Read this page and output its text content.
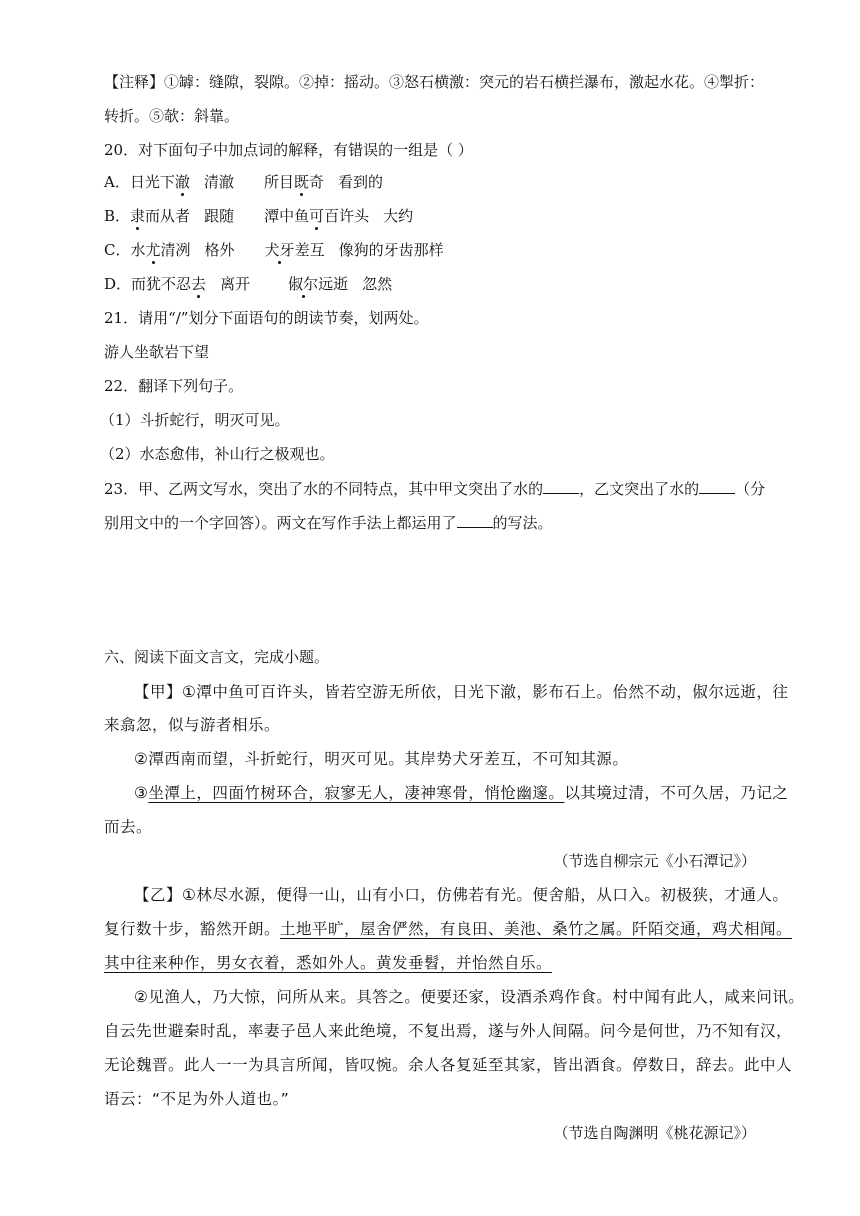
【注释】①罅：缝隙，裂隙。②掉：摇动。③怒石横激：突元的岩石横拦瀑布，激起水花。④掣折：
转折。⑤欹：斜靠。
20．对下面句子中加点词的解释，有错误的一组是（ ）
A．日光下澈 清澈 所目既奇 看到的
B．隶而从者 跟随 潭中鱼可百许头 大约
C．水尤清冽 格外 犬牙差互 像狗的牙齿那样
D．而犹不忍去 离开	俶尔远逝 忽然
21．请用“/”划分下面语句的朗读节奏，划两处。
游人坐欹岩下望
22．翻译下列句子。
（1）斗折蛇行，明灭可见。
（2）水态愈伟，补山行之极观也。
23．甲、乙两文写水，突出了水的不同特点，其中甲文突出了水的 ，乙文突出了水的 （分
别用文中的一个字回答）。两文在写作手法上都运用了 的写法。
六、阅读下面文言文，完成小题。
【甲】①潭中鱼可百许头，皆若空游无所依，日光下澈，影布石上。佁然不动，俶尔远逝，往
来翕忽，似与游者相乐。
②潭西南而望，斗折蛇行，明灭可见。其岸势犬牙差互，不可知其源。
③坐潭上，四面竹树环合，寂寥无人，凄神寒骨，悄怆幽邃。以其境过清，不可久居，乃记之
而去。
（节选自柳宗元《小石潭记》）
【乙】①林尽水源，便得一山，山有小口，仿佛若有光。便舍船，从口入。初极狭，才通人。
复行数十步，豁然开朗。土地平旷，屋舍俨然，有良田、美池、桑竹之属。阡陌交通，鸡犬相闻。
其中往来种作，男女衣着，悉如外人。黄发垂髫，并怡然自乐。
②见渔人，乃大惊，问所从来。具答之。便要还家，设酒杀鸡作食。村中闻有此人，咸来问讯。
自云先世避秦时乱，率妻子邑人来此绝境，不复出焉，遂与外人间隔。问今是何世，乃不知有汉，
无论魏晋。此人一一为具言所闻，皆叹惋。余人各复延至其家，皆出酒食。停数日，辞去。此中人
语云：“不足为外人道也。”
（节选自陶渊明《桃花源记》）
